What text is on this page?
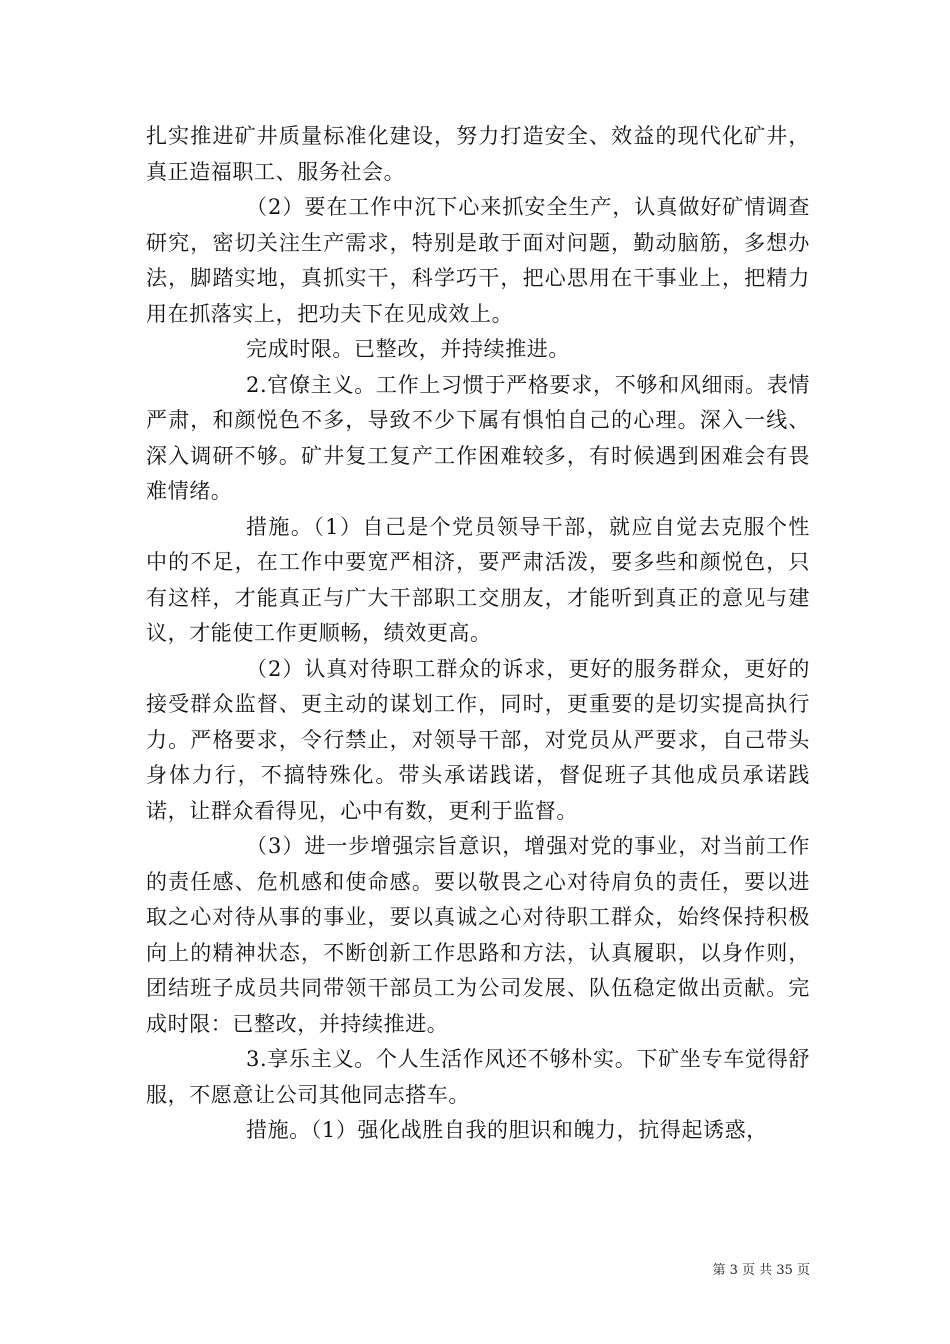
扎实推进矿井质量标准化建设，努力打造安全、效益的现代化矿井，真正造福职工、服务社会。

（2）要在工作中沉下心来抓安全生产，认真做好矿情调查研究，密切关注生产需求，特别是敢于面对问题，勤动脑筋，多想办法，脚踏实地，真抓实干，科学巧干，把心思用在干事业上，把精力用在抓落实上，把功夫下在见成效上。

完成时限。已整改，并持续推进。

2.官僚主义。工作上习惯于严格要求，不够和风细雨。表情严肃，和颜悦色不多，导致不少下属有惧怕自己的心理。深入一线、深入调研不够。矿井复工复产工作困难较多，有时候遇到困难会有畏难情绪。

措施。（1）自己是个党员领导干部，就应自觉去克服个性中的不足，在工作中要宽严相济，要严肃活泼，要多些和颜悦色，只有这样，才能真正与广大干部职工交朋友，才能听到真正的意见与建议，才能使工作更顺畅，绩效更高。

（2）认真对待职工群众的诉求，更好的服务群众，更好的接受群众监督、更主动的谋划工作，同时，更重要的是切实提高执行力。严格要求，令行禁止，对领导干部，对党员从严要求，自己带头身体力行，不搞特殊化。带头承诺践诺，督促班子其他成员承诺践诺，让群众看得见，心中有数，更利于监督。

（3）进一步增强宗旨意识，增强对党的事业，对当前工作的责任感、危机感和使命感。要以敬畏之心对待肩负的责任，要以进取之心对待从事的事业，要以真诚之心对待职工群众，始终保持积极向上的精神状态，不断创新工作思路和方法，认真履职，以身作则，团结班子成员共同带领干部员工为公司发展、队伍稳定做出贡献。完成时限：已整改，并持续推进。

3.享乐主义。个人生活作风还不够朴实。下矿坐专车觉得舒服，不愿意让公司其他同志搭车。

措施。（1）强化战胜自我的胆识和魄力，抗得起诱惑，

第 3 页 共 35 页
